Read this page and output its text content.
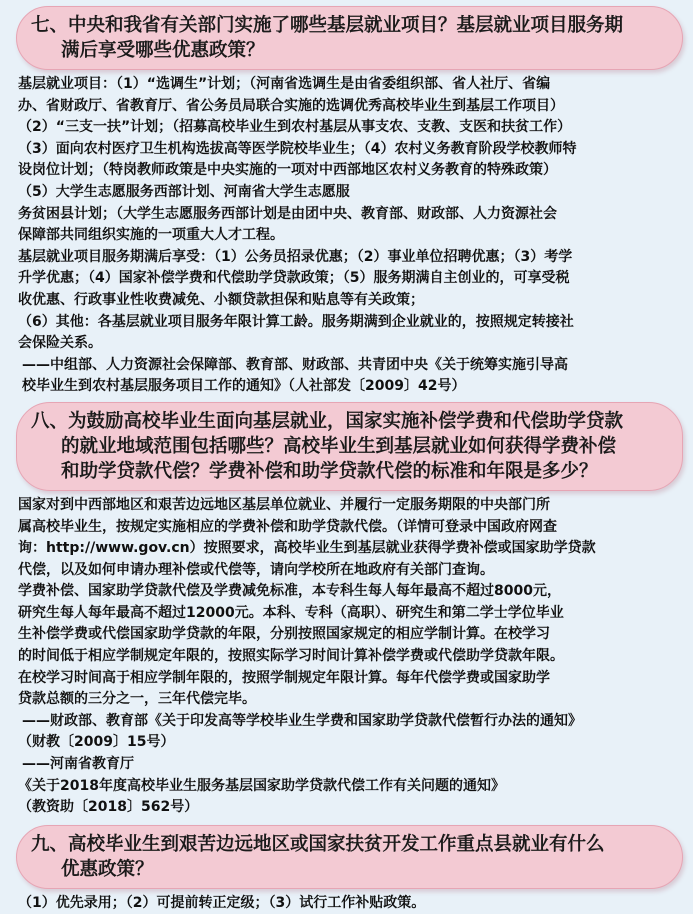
七、中央和我省有关部门实施了哪些基层就业项目？基层就业项目服务期
满后享受哪些优惠政策？
基层就业项目：（1）“选调生”计划；（河南省选调生是由省委组织部、省人社厅、省编
办、省财政厅、省教育厅、省公务员局联合实施的选调优秀高校毕业生到基层工作项目）
（2）“三支一扶”计划；（招募高校毕业生到农村基层从事支农、支教、支医和扶贫工作）
（3）面向农村医疗卫生机构选拔高等医学院校毕业生；（4）农村义务教育阶段学校教师特
设岗位计划；（特岗教师政策是中央实施的一项对中西部地区农村义务教育的特殊政策）
（5）大学生志愿服务西部计划、河南省大学生志愿服
务贫困县计划；（大学生志愿服务西部计划是由团中央、教育部、财政部、人力资源社会
保障部共同组织实施的一项重大人才工程。
基层就业项目服务期满后享受：（1）公务员招录优惠；（2）事业单位招聘优惠；（3）考学
升学优惠；（4）国家补偿学费和代偿助学贷款政策；（5）服务期满自主创业的，可享受税
收优惠、行政事业性收费减免、小额贷款担保和贴息等有关政策；
（6）其他：各基层就业项目服务年限计算工龄。服务期满到企业就业的，按照规定转接社
会保险关系。
——中组部、人力资源社会保障部、教育部、财政部、共青团中央《关于统筹实施引导高
校毕业生到农村基层服务项目工作的通知》（人社部发〔2009〕42号）
八、为鼓励高校毕业生面向基层就业，国家实施补偿学费和代偿助学贷款
的就业地域范围包括哪些？高校毕业生到基层就业如何获得学费补偿
和助学贷款代偿？学费补偿和助学贷款代偿的标准和年限是多少？
国家对到中西部地区和艰苦边远地区基层单位就业、并履行一定服务期限的中央部门所
属高校毕业生，按规定实施相应的学费补偿和助学贷款代偿。（详情可登录中国政府网查
询：http://www.gov.cn）按照要求，高校毕业生到基层就业获得学费补偿或国家助学贷款
代偿，以及如何申请办理补偿或代偿等，请向学校所在地政府有关部门查询。
学费补偿、国家助学贷款代偿及学费减免标准，本专科生每人每年最高不超过8000元，
研究生每人每年最高不超过12000元。本科、专科（高职）、研究生和第二学士学位毕业
生补偿学费或代偿国家助学贷款的年限，分别按照国家规定的相应学制计算。在校学习
的时间低于相应学制规定年限的，按照实际学习时间计算补偿学费或代偿助学贷款年限。
在校学习时间高于相应学制年限的，按照学制规定年限计算。每年代偿学费或国家助学
贷款总额的三分之一，三年代偿完毕。
——财政部、教育部《关于印发高等学校毕业生学费和国家助学贷款代偿暂行办法的通知》
（财教〔2009〕15号）
——河南省教育厅
《关于2018年度高校毕业生服务基层国家助学贷款代偿工作有关问题的通知》
（教资助〔2018〕562号）
九、高校毕业生到艰苦边远地区或国家扶贫开发工作重点县就业有什么
优惠政策？
（1）优先录用；（2）可提前转正定级；（3）试行工作补贴政策。
